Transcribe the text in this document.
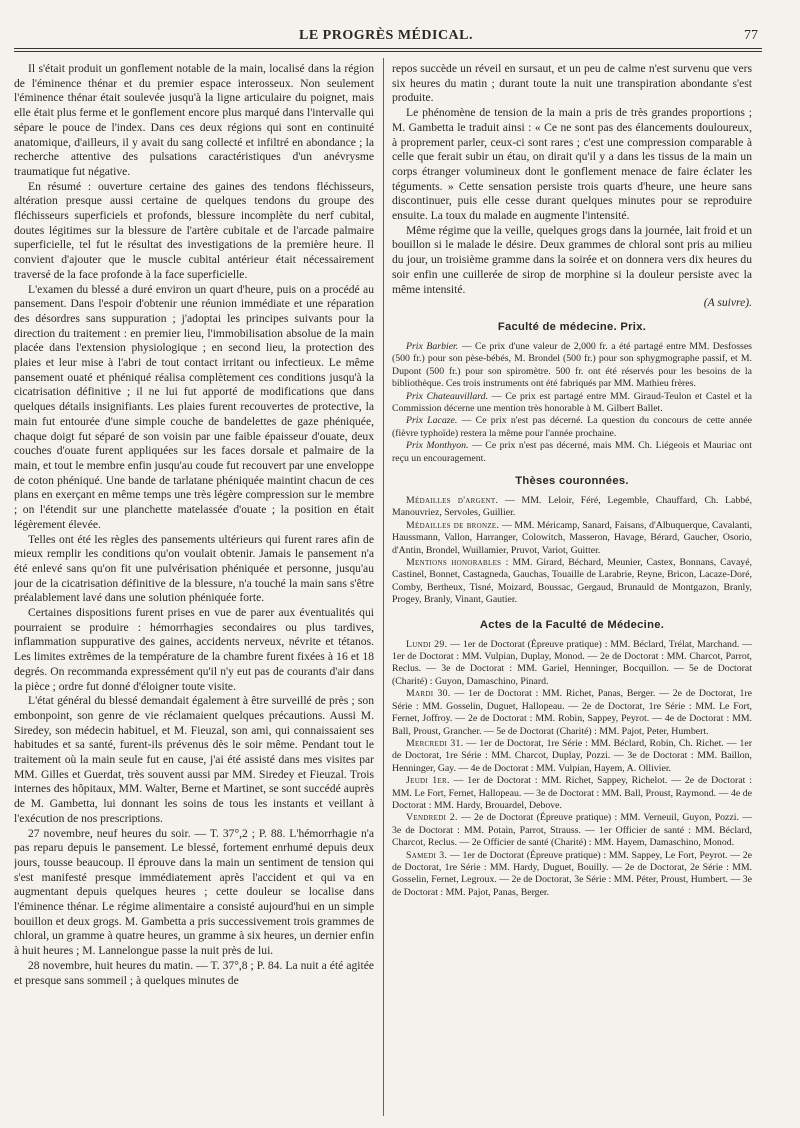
LE PROGRÈS MÉDICAL.	77

Il s'était produit un gonflement notable de la main, localisé dans la région de l'éminence thénar et du premier espace interosseux. Non seulement l'éminence thénar était soulevée jusqu'à la ligne articulaire du poignet, mais elle était plus ferme et le gonflement encore plus marqué dans l'intervalle qui sépare le pouce de l'index. Dans ces deux régions qui sont en continuité anatomique, d'ailleurs, il y avait du sang collecté et infiltré en abondance ; la recherche attentive des pulsations caractéristiques d'un anévrysme traumatique fut négative.

En résumé : ouverture certaine des gaines des tendons fléchisseurs, altération presque aussi certaine de quelques tendons du groupe des fléchisseurs superficiels et profonds, blessure incomplète du nerf cubital, doutes légitimes sur la blessure de l'artère cubitale et de l'arcade palmaire superficielle, tel fut le résultat des investigations de la première heure. Il convient d'ajouter que le muscle cubital antérieur était nécessairement traversé de la face profonde à la face superficielle.

L'examen du blessé a duré environ un quart d'heure, puis on a procédé au pansement. Dans l'espoir d'obtenir une réunion immédiate et une réparation des désordres sans suppuration ; j'adoptai les principes suivants pour la direction du traitement : en premier lieu, l'immobilisation absolue de la main placée dans l'extension physiologique ; en second lieu, la protection des plaies et leur mise à l'abri de tout contact irritant ou infectieux. Le même pansement ouaté et phéniqué réalisa complètement ces conditions jusqu'à la cicatrisation définitive ; il ne lui fut apporté de modifications que dans quelques détails insignifiants. Les plaies furent recouvertes de protective, la main fut entourée d'une simple couche de bandelettes de gaze phéniquée, chaque doigt fut séparé de son voisin par une faible épaisseur d'ouate, deux couches d'ouate furent appliquées sur les faces dorsale et palmaire de la main, et tout le membre enfin jusqu'au coude fut recouvert par une enveloppe de coton phéniqué. Une bande de tarlatane phéniquée maintint chacun de ces plans en exerçant en même temps une très légère compression sur le membre ; on l'étendit sur une planchette matelassée d'ouate ; la position en était légèrement élevée.

Telles ont été les règles des pansements ultérieurs qui furent rares afin de mieux remplir les conditions qu'on voulait obtenir. Jamais le pansement n'a été enlevé sans qu'on fit une pulvérisation phéniquée et personne, jusqu'au jour de la cicatrisation définitive de la blessure, n'a touché la main sans s'être préalablement lavé dans une solution phéniquée forte.

Certaines dispositions furent prises en vue de parer aux éventualités qui pourraient se produire : hémorrhagies secondaires ou plus tardives, inflammation suppurative des gaines, accidents nerveux, névrite et tétanos. Les limites extrêmes de la température de la chambre furent fixées à 16 et 18 degrés. On recommanda expressément qu'il n'y eut pas de courants d'air dans la pièce ; ordre fut donné d'éloigner toute visite.

L'état général du blessé demandait également à être surveillé de près ; son embonpoint, son genre de vie réclamaient quelques précautions. Aussi M. Siredey, son médecin habituel, et M. Fieuzal, son ami, qui connaissaient ses habitudes et sa santé, furent-ils prévenus dès le soir même. Pendant tout le traitement où la main seule fut en cause, j'ai été assisté dans mes visites par MM. Gilles et Guerdat, très souvent aussi par MM. Siredey et Fieuzal. Trois internes des hôpitaux, MM. Walter, Berne et Martinet, se sont succédé auprès de M. Gambetta, lui donnant les soins de tous les instants et veillant à l'exécution de nos prescriptions.

27 novembre, neuf heures du soir. — T. 37°,2 ; P. 88. L'hémorrhagie n'a pas reparu depuis le pansement. Le blessé, fortement enrhumé depuis deux jours, tousse beaucoup. Il éprouve dans la main un sentiment de tension qui s'est manifesté presque immédiatement après l'accident et qui va en augmentant depuis quelques heures ; cette douleur se localise dans l'éminence thénar. Le régime alimentaire a consisté aujourd'hui en un simple bouillon et deux grogs. M. Gambetta a pris successivement trois grammes de chloral, un gramme à quatre heures, un gramme à six heures, un dernier enfin à huit heures ; M. Lannelongue passe la nuit près de lui.

28 novembre, huit heures du matin. — T. 37°,8 ; P. 84. La nuit a été agitée et presque sans sommeil ; à quelques minutes de

repos succède un réveil en sursaut, et un peu de calme n'est survenu que vers six heures du matin ; durant toute la nuit une transpiration abondante s'est produite.

Le phénomène de tension de la main a pris de très grandes proportions ; M. Gambetta le traduit ainsi : « Ce ne sont pas des élancements douloureux, à proprement parler, ceux-ci sont rares ; c'est une compression comparable à celle que ferait subir un étau, on dirait qu'il y a dans les tissus de la main un corps étranger volumineux dont le gonflement menace de faire éclater les téguments. » Cette sensation persiste trois quarts d'heure, une heure sans discontinuer, puis elle cesse durant quelques minutes pour se reproduire ensuite. La toux du malade en augmente l'intensité.

Même régime que la veille, quelques grogs dans la journée, lait froid et un bouillon si le malade le désire. Deux grammes de chloral sont pris au milieu du jour, un troisième gramme dans la soirée et on donnera vers dix heures du soir enfin une cuillerée de sirop de morphine si la douleur persiste avec la même intensité.

(A suivre).
Faculté de médecine. Prix.

Prix Barbier. — Ce prix d'une valeur de 2,000 fr. a été partagé entre MM. Desfosses (500 fr.) pour son pèse-bébés, M. Brondel (500 fr.) pour son sphygmographe passif, et M. Dupont (500 fr.) pour son spiromètre. 500 fr. ont été réservés pour les besoins de la bibliothèque. Ces trois instruments ont été fabriqués par MM. Mathieu frères.

Prix Chateauvillard. — Ce prix est partagé entre MM. Giraud-Teulon et Castel et la Commission décerne une mention très honorable à M. Gilbert Ballet.

Prix Lacaze. — Ce prix n'est pas décerné. La question du concours de cette année (fièvre typhoïde) restera la même pour l'année prochaine.

Prix Monthyon. — Ce prix n'est pas décerné, mais MM. Ch. Liégeois et Mauriac ont reçu un encouragement.

Thèses couronnées.

Médailles d'argent. — MM. Leloir, Féré, Legemble, Chauffard, Ch. Labbé, Manouvriez, Servoles, Guillier.

Médailles de bronze. — MM. Méricamp, Sanard, Faisans, d'Albuquerque, Cavalanti, Haussmann, Vallon, Harranger, Colowitch, Masseron, Havage, Bérard, Gaucher, Osorio, d'Antin, Brondel, Wuillamier, Pruvot, Variot, Guitter.

Mentions honorables : MM. Girard, Béchard, Meunier, Castex, Bonnans, Cavayé, Castinel, Bonnet, Castagneda, Gauchas, Touaille de Larabrie, Reyne, Bricon, Lacaze-Doré, Comby, Bertheux, Tisné, Moizard, Boussac, Gergaud, Brunauld de Montgazon, Branly, Progey, Branly, Vinant, Gautier.

Actes de la Faculté de Médecine.

Lundi 29. — 1er de Doctorat (Épreuve pratique) : MM. Béclard, Trélat, Marchand. — 1er de Doctorat : MM. Vulpian, Duplay, Monod. — 2e de Doctorat : MM. Charcot, Parrot, Reclus. — 3e de Doctorat : MM. Gariel, Henninger, Bocquillon. — 5e de Doctorat (Charité) : Guyon, Damaschino, Pinard.

Mardi 30. — 1er de Doctorat : MM. Richet, Panas, Berger. — 2e de Doctorat, 1re Série : MM. Gosselin, Duguet, Hallopeau. — 2e de Doctorat, 1re Série : MM. Le Fort, Fernet, Joffroy. — 2e de Doctorat : MM. Robin, Sappey, Peyrot. — 4e de Doctorat : MM. Ball, Proust, Grancher. — 5e de Doctorat (Charité) : MM. Pajot, Peter, Humbert.

Mercredi 31. — 1er de Doctorat, 1re Série : MM. Béclard, Robin, Ch. Richet. — 1er de Doctorat, 1re Série : MM. Charcot, Duplay, Pozzi. — 3e de Doctorat : MM. Baillon, Henninger, Gay. — 4e de Doctorat : MM. Vulpian, Hayem, A. Ollivier.

Jeudi 1er. — 1er de Doctorat : MM. Richet, Sappey, Richelot. — 2e de Doctorat : MM. Le Fort, Fernet, Hallopeau. — 3e de Doctorat : MM. Ball, Proust, Raymond. — 4e de Doctorat : MM. Hardy, Brouardel, Debove.

Vendredi 2. — 2e de Doctorat (Épreuve pratique) : MM. Verneuil, Guyon, Pozzi. — 3e de Doctorat : MM. Potain, Parrot, Strauss. — 1er Officier de santé : MM. Béclard, Charcot, Reclus. — 2e Officier de santé (Charité) : MM. Hayem, Damaschino, Monod.

Samedi 3. — 1er de Doctorat (Épreuve pratique) : MM. Sappey, Le Fort, Peyrot. — 2e de Doctorat, 1re Série : MM. Hardy, Duguet, Bouilly. — 2e de Doctorat, 2e Série : MM. Gosselin, Fernet, Legroux. — 2e de Doctorat, 3e Série : MM. Péter, Proust, Humbert. — 3e de Doctorat : MM. Pajot, Panas, Berger.
